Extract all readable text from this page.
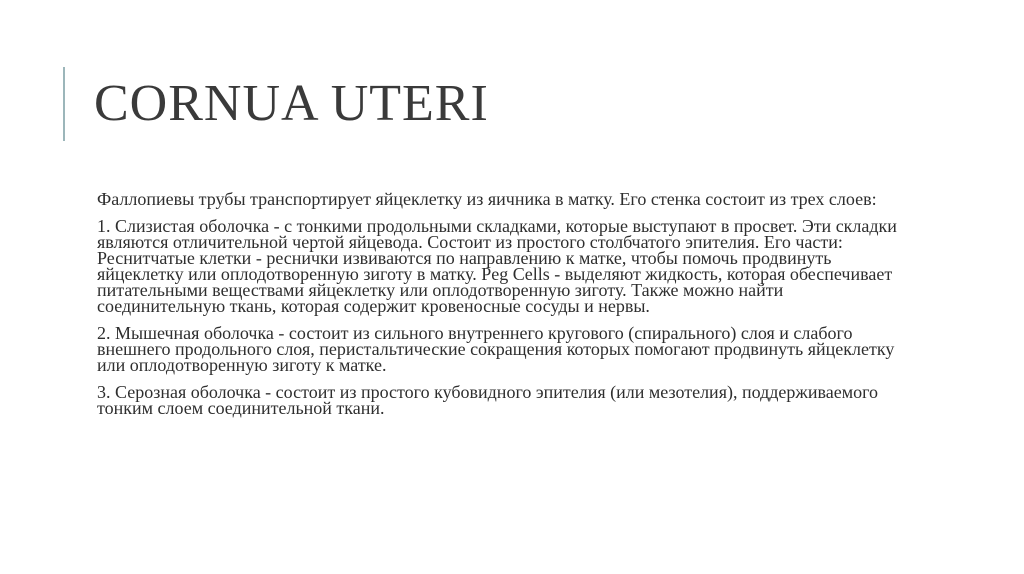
CORNUA UTERI

Фаллопиевы трубы транспортирует яйцеклетку из яичника в матку. Его стенка состоит из трех слоев:

1. Слизистая оболочка - с тонкими продольными складками, которые выступают в просвет. Эти складки являются отличительной чертой яйцевода. Состоит из простого столбчатого эпителия. Его части: Реснитчатые клетки - реснички извиваются по направлению к матке, чтобы помочь продвинуть яйцеклетку или оплодотворенную зиготу в матку. Peg Cells - выделяют жидкость, которая обеспечивает питательными веществами яйцеклетку или оплодотворенную зиготу. Также можно найти соединительную ткань, которая содержит кровеносные сосуды и нервы.

2. Мышечная оболочка - состоит из сильного внутреннего кругового (спирального) слоя и слабого внешнего продольного слоя, перистальтические сокращения которых помогают продвинуть яйцеклетку или оплодотворенную зиготу к матке.

3. Серозная оболочка - состоит из простого кубовидного эпителия (или мезотелия), поддерживаемого тонким слоем соединительной ткани.
